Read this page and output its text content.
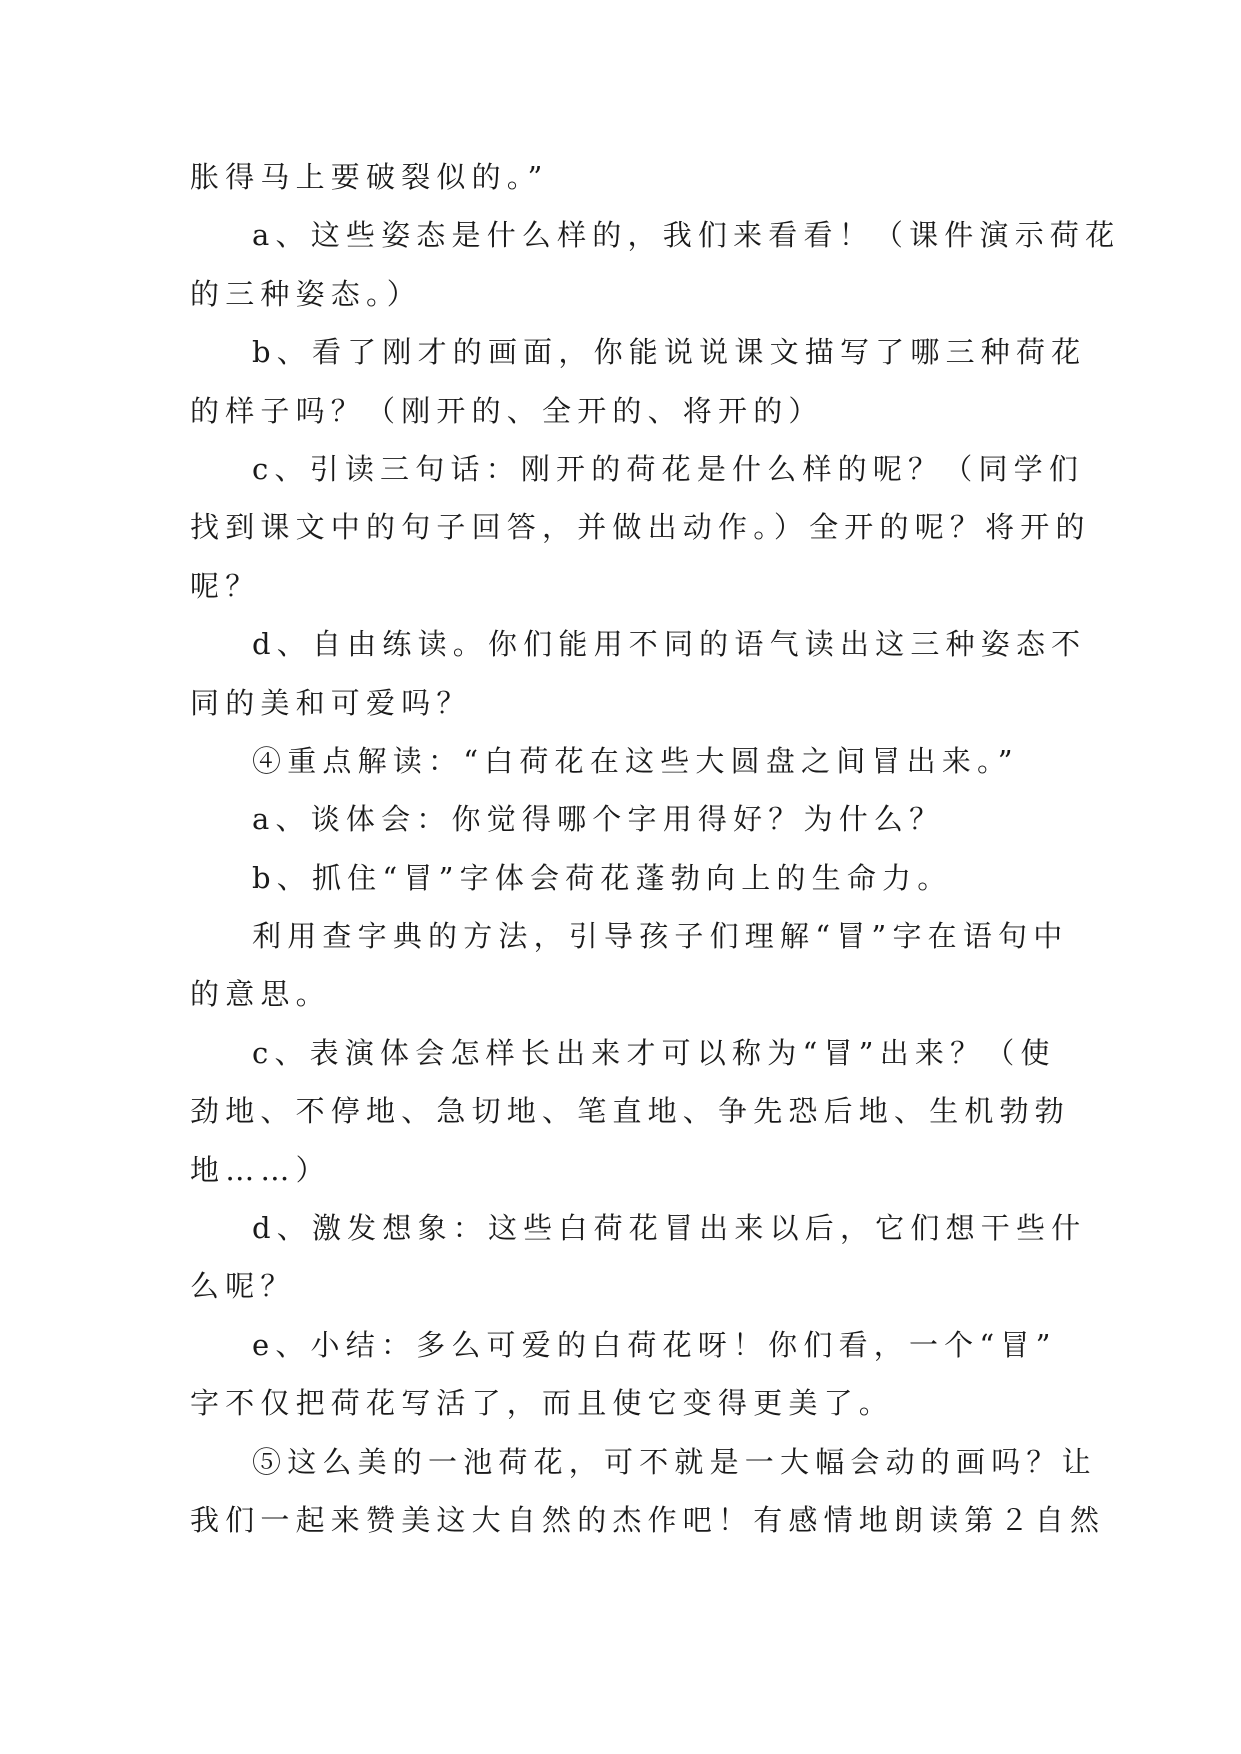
胀得马上要破裂似的。”
a、这些姿态是什么样的，我们来看看！（课件演示荷花
的三种姿态。）
b、看了刚才的画面，你能说说课文描写了哪三种荷花
的样子吗？（刚开的、全开的、将开的）
c、引读三句话：刚开的荷花是什么样的呢？（同学们
找到课文中的句子回答，并做出动作。）全开的呢？将开的
呢？
d、自由练读。你们能用不同的语气读出这三种姿态不
同的美和可爱吗？
④重点解读：“白荷花在这些大圆盘之间冒出来。”
a、谈体会：你觉得哪个字用得好？为什么？
b、抓住“冒”字体会荷花蓬勃向上的生命力。
利用查字典的方法，引导孩子们理解“冒”字在语句中
的意思。
c、表演体会怎样长出来才可以称为“冒”出来？（使
劲地、不停地、急切地、笔直地、争先恐后地、生机勃勃
地……）
d、激发想象：这些白荷花冒出来以后，它们想干些什
么呢？
e、小结：多么可爱的白荷花呀！你们看，一个“冒”
字不仅把荷花写活了，而且使它变得更美了。
⑤这么美的一池荷花，可不就是一大幅会动的画吗？让
我们一起来赞美这大自然的杰作吧！有感情地朗读第２自然
